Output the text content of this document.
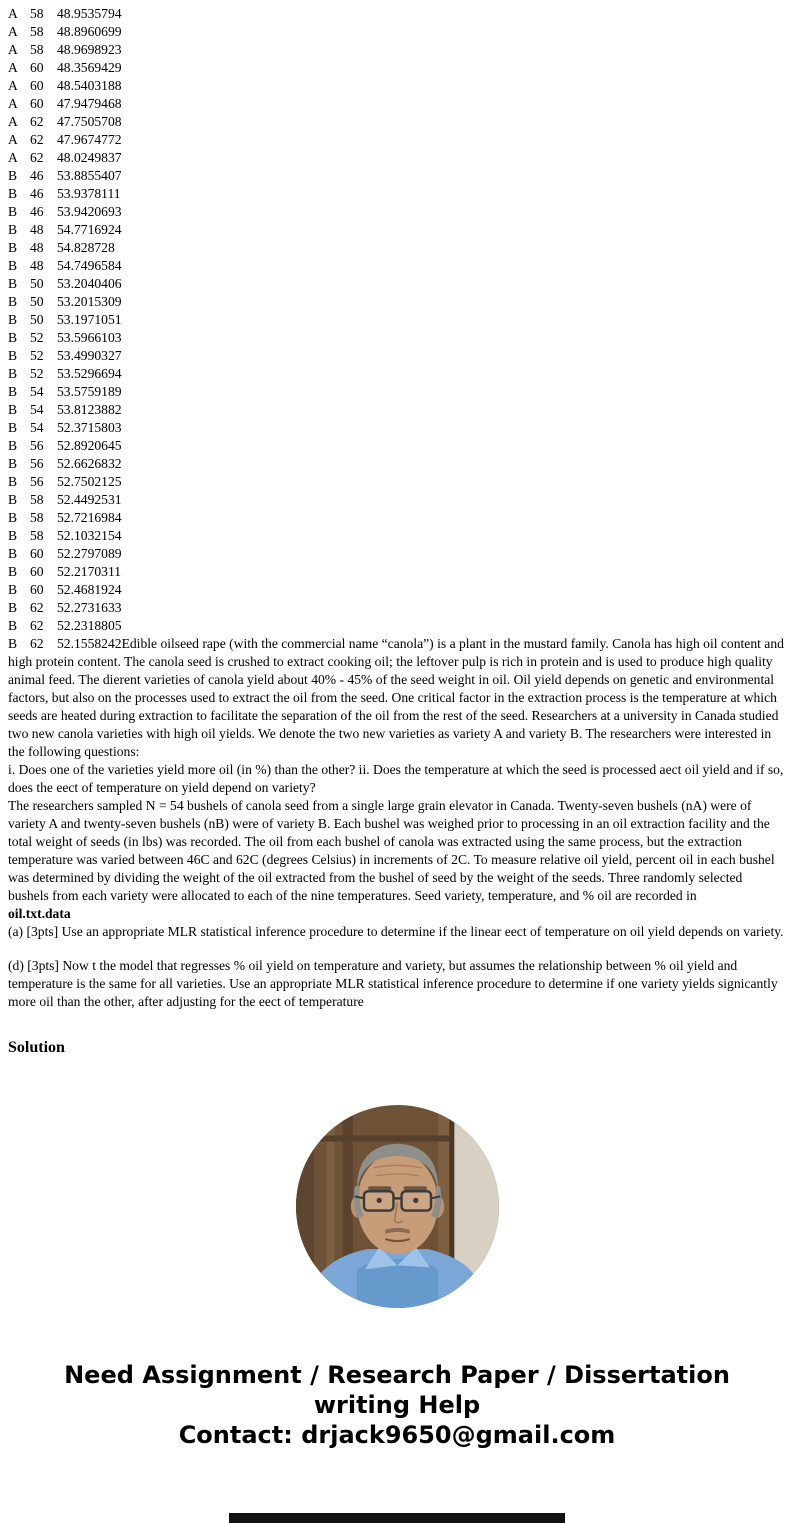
A 58 48.9535794
A 58 48.8960699
A 58 48.9698923
A 60 48.3569429
A 60 48.5403188
A 60 47.9479468
A 62 47.7505708
A 62 47.9674772
A 62 48.0249837
B 46 53.8855407
B 46 53.9378111
B 46 53.9420693
B 48 54.7716924
B 48 54.828728
B 48 54.7496584
B 50 53.2040406
B 50 53.2015309
B 50 53.1971051
B 52 53.5966103
B 52 53.4990327
B 52 53.5296694
B 54 53.5759189
B 54 53.8123882
B 54 52.3715803
B 56 52.8920645
B 56 52.6626832
B 56 52.7502125
B 58 52.4492531
B 58 52.7216984
B 58 52.1032154
B 60 52.2797089
B 60 52.2170311
B 60 52.4681924
B 62 52.2731633
B 62 52.2318805
B 62 52.1558242Edible oilseed rape (with the commercial name “canola”) is a plant in the mustard family. Canola has high oil content and high protein content. The canola seed is crushed to extract cooking oil; the leftover pulp is rich in protein and is used to produce high quality animal feed. The dierent varieties of canola yield about 40% - 45% of the seed weight in oil. Oil yield depends on genetic and environmental factors, but also on the processes used to extract the oil from the seed. One critical factor in the extraction process is the temperature at which seeds are heated during extraction to facilitate the separation of the oil from the rest of the seed. Researchers at a university in Canada studied two new canola varieties with high oil yields. We denote the two new varieties as variety A and variety B. The researchers were interested in the following questions:
i. Does one of the varieties yield more oil (in %) than the other? ii. Does the temperature at which the seed is processed aect oil yield and if so, does the eect of temperature on yield depend on variety?
The researchers sampled N = 54 bushels of canola seed from a single large grain elevator in Canada. Twenty-seven bushels (nA) were of variety A and twenty-seven bushels (nB) were of variety B. Each bushel was weighed prior to processing in an oil extraction facility and the total weight of seeds (in lbs) was recorded. The oil from each bushel of canola was extracted using the same process, but the extraction temperature was varied between 46C and 62C (degrees Celsius) in increments of 2C. To measure relative oil yield, percent oil in each bushel was determined by dividing the weight of the oil extracted from the bushel of seed by the weight of the seeds. Three randomly selected bushels from each variety were allocated to each of the nine temperatures. Seed variety, temperature, and % oil are recorded in
oil.txt.data
(a) [3pts] Use an appropriate MLR statistical inference procedure to determine if the linear eect of temperature on oil yield depends on variety.
(d) [3pts] Now t the model that regresses % oil yield on temperature and variety, but assumes the relationship between % oil yield and temperature is the same for all varieties. Use an appropriate MLR statistical inference procedure to determine if one variety yields signicantly more oil than the other, after adjusting for the eect of temperature
Solution
Need Assignment / Research Paper / Dissertation
writing Help
Contact: drjack9650@gmail.com
